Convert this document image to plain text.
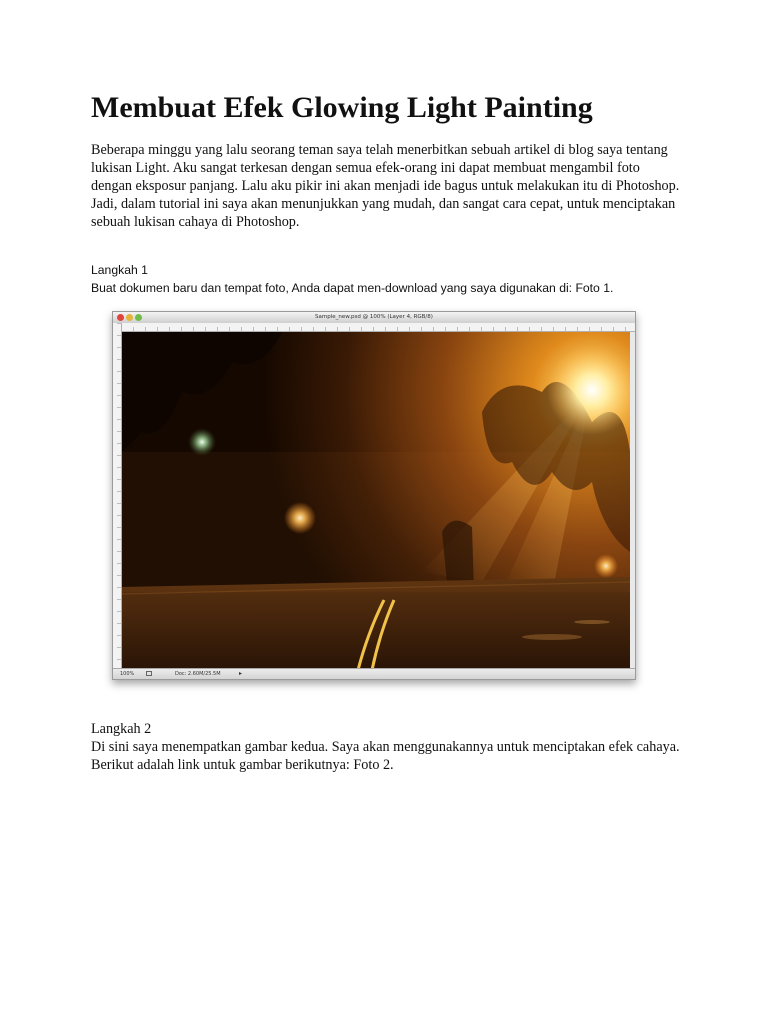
Membuat Efek Glowing Light Painting

Beberapa minggu yang lalu seorang teman saya telah menerbitkan sebuah artikel di blog saya tentang lukisan Light. Aku sangat terkesan dengan semua efek-orang ini dapat membuat mengambil foto dengan eksposur panjang. Lalu aku pikir ini akan menjadi ide bagus untuk melakukan itu di Photoshop. Jadi, dalam tutorial ini saya akan menunjukkan yang mudah, dan sangat cara cepat, untuk menciptakan sebuah lukisan cahaya di Photoshop.

Langkah 1
Buat dokumen baru dan tempat foto, Anda dapat men-download yang saya digunakan di: Foto 1.
Sample_new.psd @ 100% (Layer 4, RGB/8)
100%	Doc: 2.60M/25.5M	▸
Langkah 2

Di sini saya menempatkan gambar kedua. Saya akan menggunakannya untuk menciptakan efek cahaya. Berikut adalah link untuk gambar berikutnya: Foto 2.
